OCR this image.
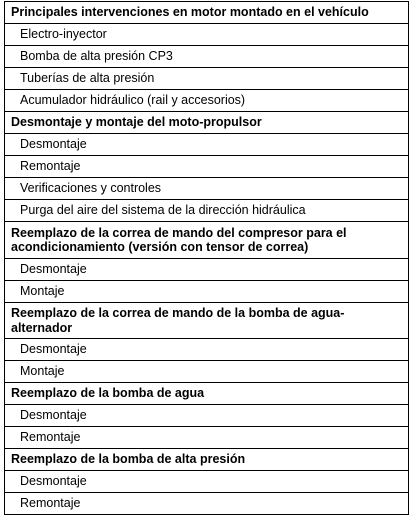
Principales intervenciones en motor montado en el vehículo
Electro-inyector
Bomba de alta presión CP3
Tuberías de alta presión
Acumulador hidráulico (rail y accesorios)
Desmontaje y montaje del moto-propulsor
Desmontaje
Remontaje
Verificaciones y controles
Purga del aire del sistema de la dirección hidráulica
Reemplazo de la correa de mando del compresor para el acondicionamiento (versión con tensor de correa)
Desmontaje
Montaje
Reemplazo de la correa de mando de la bomba de agua-alternador
Desmontaje
Montaje
Reemplazo de la bomba de agua
Desmontaje
Remontaje
Reemplazo de la bomba de alta presión
Desmontaje
Remontaje
